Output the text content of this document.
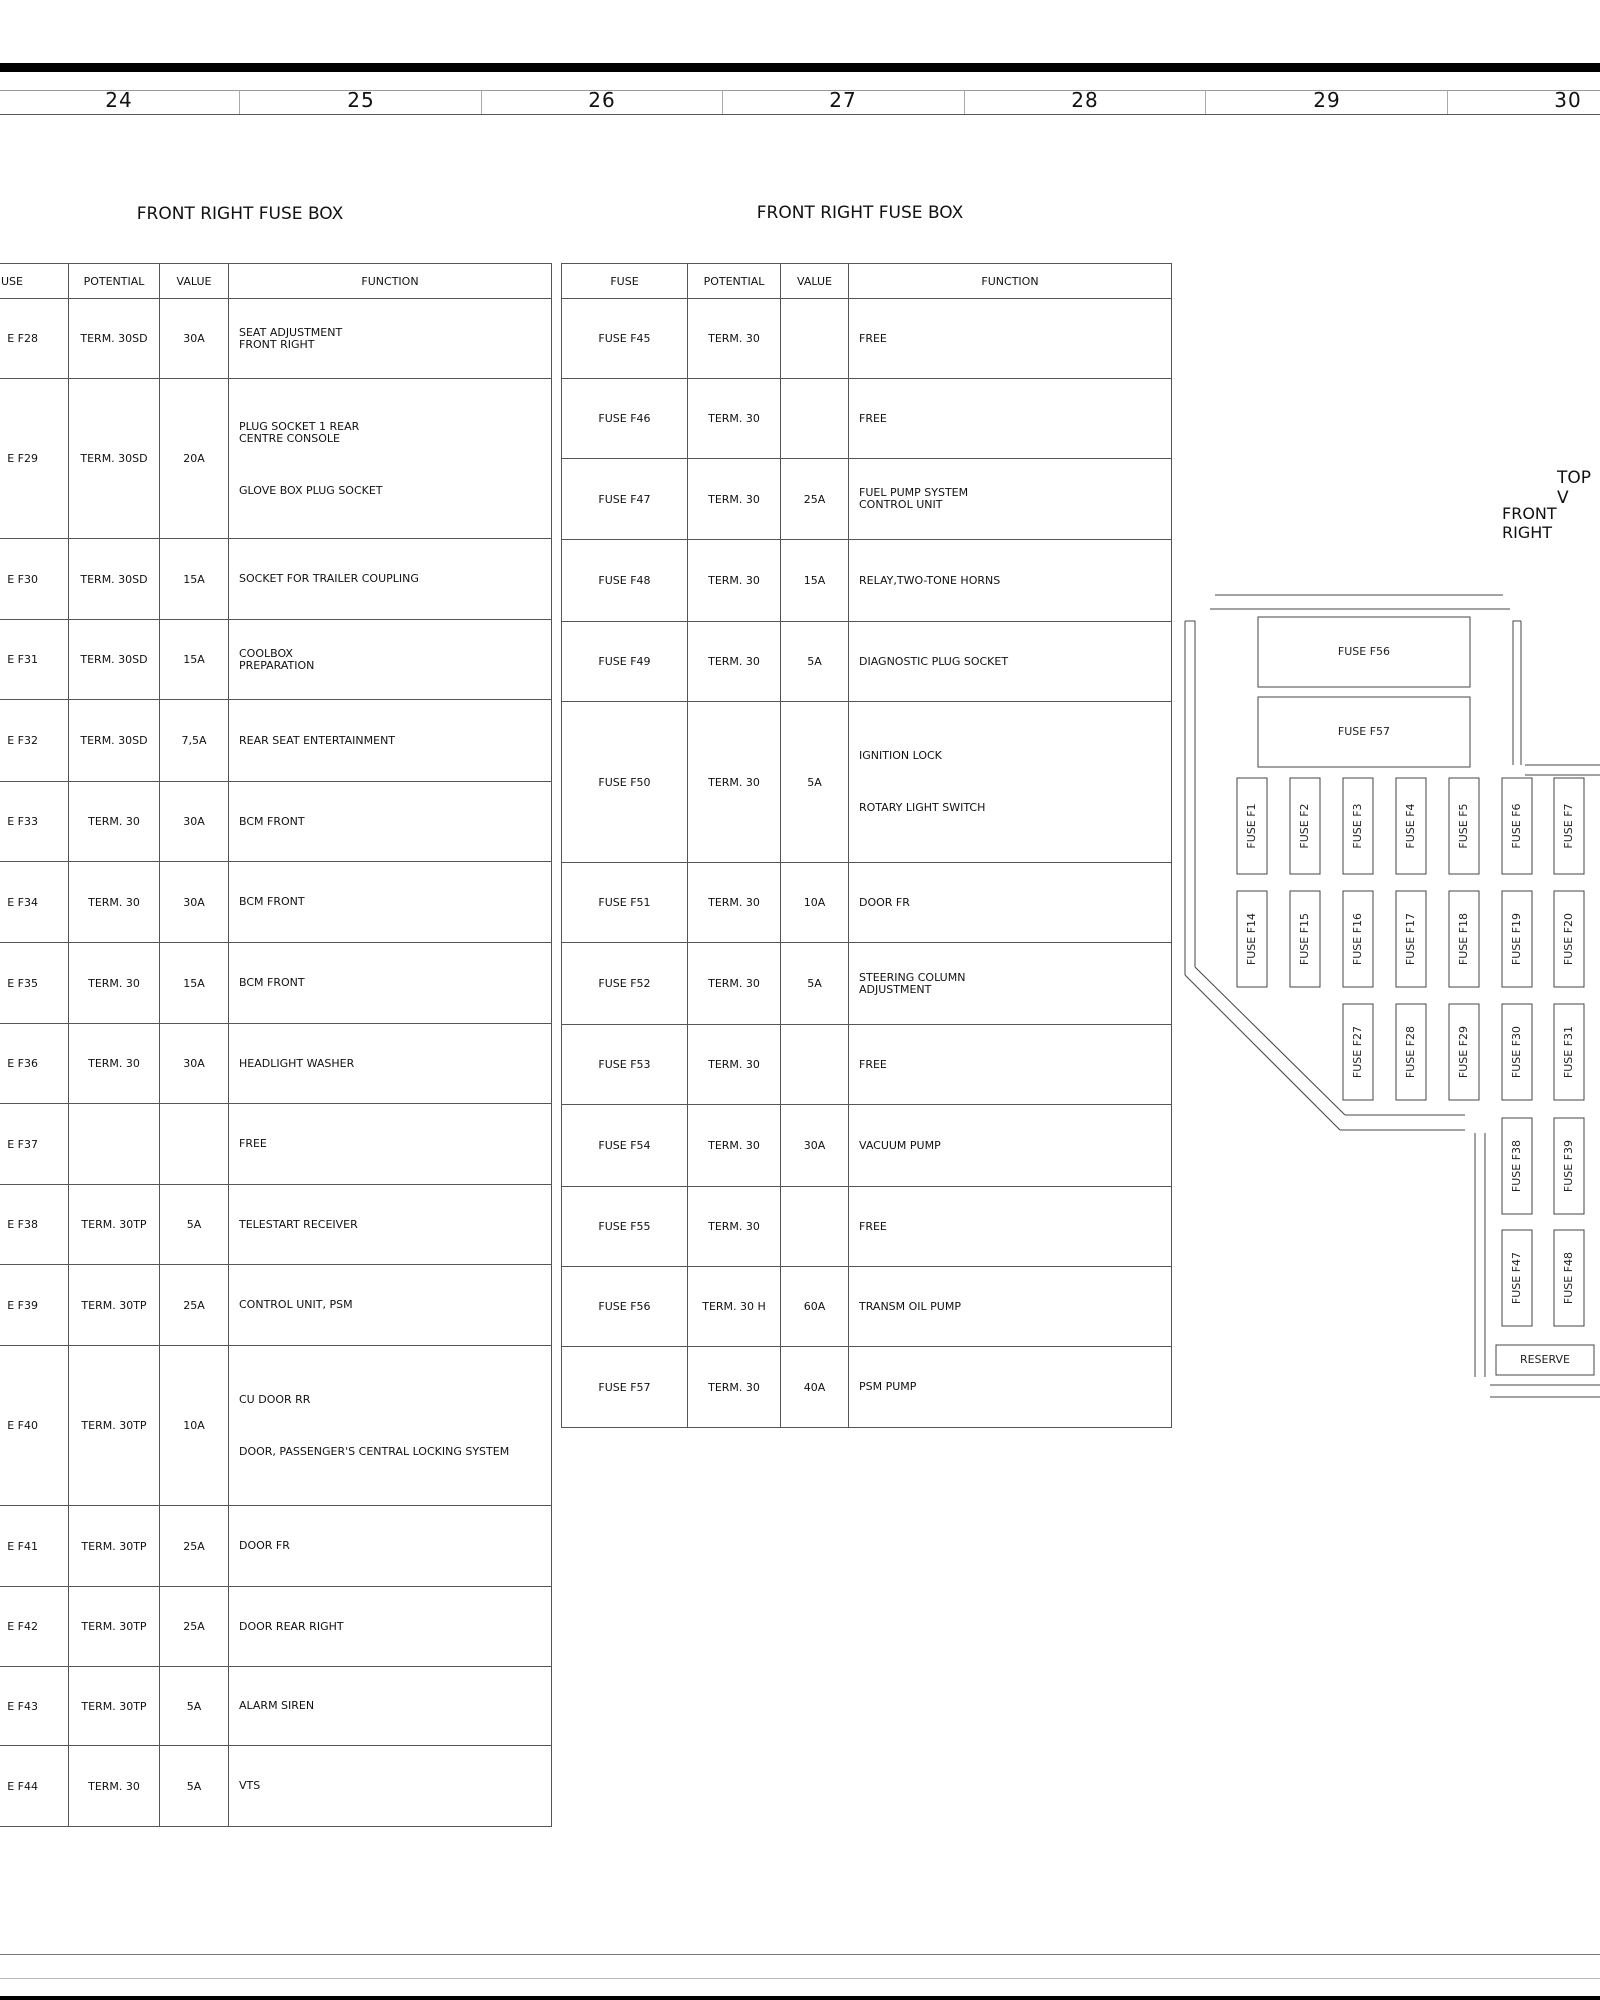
24	25	26	27	28	29	30
FRONT RIGHT FUSE BOX	FRONT RIGHT FUSE BOX
USE	POTENTIAL	VALUE	FUNCTION
E F28	TERM. 30SD	30A	SEAT ADJUSTMENT
FRONT RIGHT

E F29	TERM. 30SD	20A	PLUG SOCKET 1 REAR
CENTRE CONSOLE
GLOVE BOX PLUG SOCKET

E F30	TERM. 30SD	15A	SOCKET FOR TRAILER COUPLING

E F31	TERM. 30SD	15A	COOLBOX
PREPARATION

E F32	TERM. 30SD	7,5A	REAR SEAT ENTERTAINMENT

E F33	TERM. 30	30A	BCM FRONT

E F34	TERM. 30	30A	BCM FRONT

E F35	TERM. 30	15A	BCM FRONT

E F36	TERM. 30	30A	HEADLIGHT WASHER

E F37			FREE

E F38	TERM. 30TP	5A	TELESTART RECEIVER

E F39	TERM. 30TP	25A	CONTROL UNIT, PSM

E F40	TERM. 30TP	10A	CU DOOR RR
DOOR, PASSENGER'S CENTRAL LOCKING SYSTEM

E F41	TERM. 30TP	25A	DOOR FR

E F42	TERM. 30TP	25A	DOOR REAR RIGHT

E F43	TERM. 30TP	5A	ALARM SIREN

E F44	TERM. 30	5A	VTS
FUSE	POTENTIAL	VALUE	FUNCTION
FUSE F45	TERM. 30		FREE

FUSE F46	TERM. 30		FREE

FUSE F47	TERM. 30	25A	FUEL PUMP SYSTEM
CONTROL UNIT

FUSE F48	TERM. 30	15A	RELAY,TWO-TONE HORNS

FUSE F49	TERM. 30	5A	DIAGNOSTIC PLUG SOCKET

FUSE F50	TERM. 30	5A	IGNITION LOCK
ROTARY LIGHT SWITCH

FUSE F51	TERM. 30	10A	DOOR FR

FUSE F52	TERM. 30	5A	STEERING COLUMN
ADJUSTMENT

FUSE F53	TERM. 30		FREE

FUSE F54	TERM. 30	30A	VACUUM PUMP

FUSE F55	TERM. 30		FREE

FUSE F56	TERM. 30 H	60A	TRANSM OIL PUMP

FUSE F57	TERM. 30	40A	PSM PUMP
TOP V
FRONT RIGHT
FUSE F56
FUSE F57
FUSE F1	FUSE F2	FUSE F3	FUSE F4	FUSE F5	FUSE F6	FUSE F7
FUSE F14	FUSE F15	FUSE F16	FUSE F17	FUSE F18	FUSE F19	FUSE F20
FUSE F27	FUSE F28	FUSE F29	FUSE F30	FUSE F31
FUSE F38	FUSE F39
FUSE F47	FUSE F48
RESERVE
